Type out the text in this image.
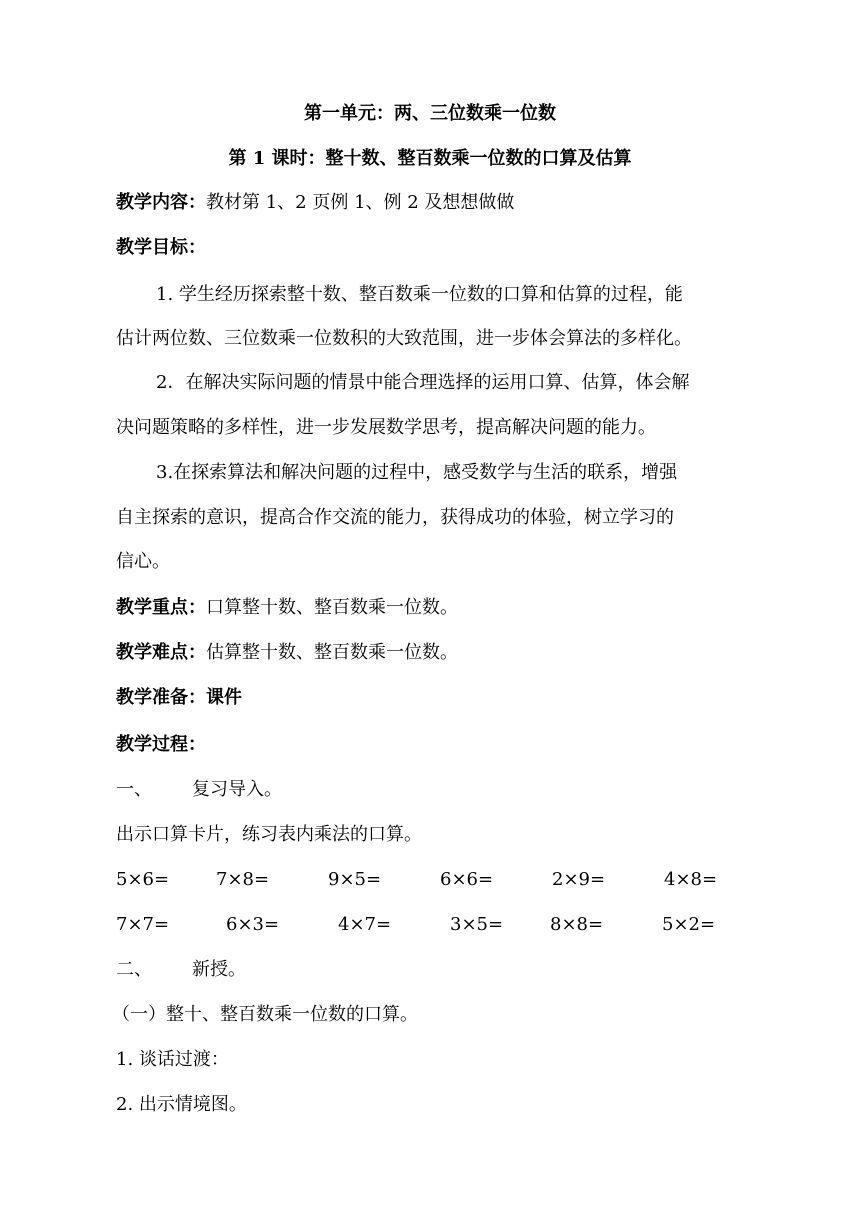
第一单元：两、三位数乘一位数
第 1 课时：整十数、整百数乘一位数的口算及估算
教学内容：教材第 1、2 页例 1、例 2 及想想做做
教学目标：
1. 学生经历探索整十数、整百数乘一位数的口算和估算的过程，能
估计两位数、三位数乘一位数积的大致范围，进一步体会算法的多样化。
2．在解决实际问题的情景中能合理选择的运用口算、估算，体会解
决问题策略的多样性，进一步发展数学思考，提高解决问题的能力。
3.在探索算法和解决问题的过程中，感受数学与生活的联系，增强
自主探索的意识，提高合作交流的能力，获得成功的体验，树立学习的
信心。
教学重点：口算整十数、整百数乘一位数。
教学难点：估算整十数、整百数乘一位数。
教学准备：课件
教学过程：
一、 复习导入。
出示口算卡片，练习表内乘法的口算。
5×6=	7×8=	9×5=	6×6=	2×9=	4×8=
7×7=	6×3=	4×7=	3×5=	8×8=	5×2=
二、 新授。
（一）整十、整百数乘一位数的口算。
1. 谈话过渡：
2. 出示情境图。
